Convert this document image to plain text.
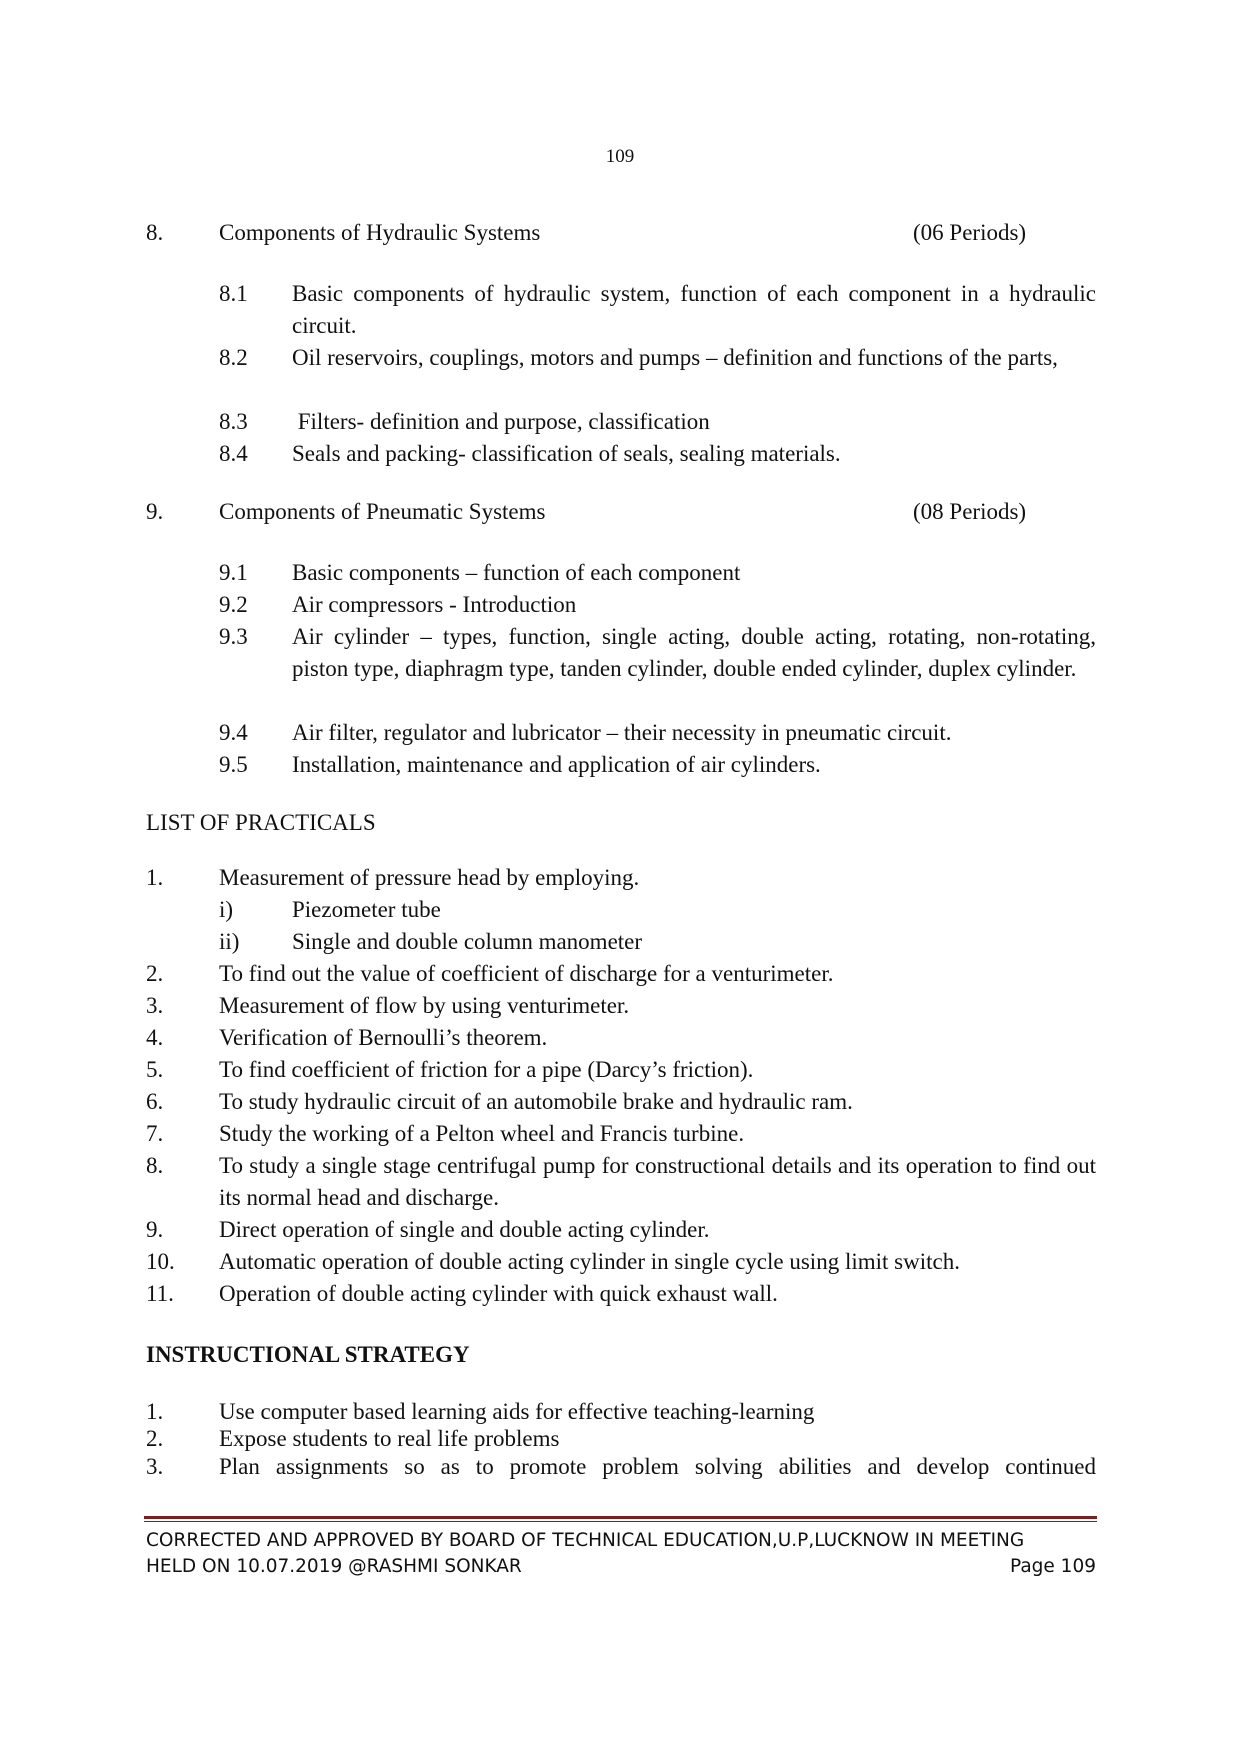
109
8. Components of Hydraulic Systems	(06 Periods)
8.1 Basic components of hydraulic system, function of each component in a hydraulic circuit.
8.2 Oil reservoirs, couplings, motors and pumps – definition and functions of the parts,
8.3 Filters- definition and purpose, classification
8.4 Seals and packing- classification of seals, sealing materials.
9. Components of Pneumatic Systems	(08 Periods)
9.1 Basic components – function of each component
9.2 Air compressors - Introduction
9.3 Air cylinder – types, function, single acting, double acting, rotating, non-rotating, piston type, diaphragm type, tanden cylinder, double ended cylinder, duplex cylinder.
9.4 Air filter, regulator and lubricator – their necessity in pneumatic circuit.
9.5 Installation, maintenance and application of air cylinders.
LIST OF PRACTICALS
1. Measurement of pressure head by employing.
i)	Piezometer tube
ii) Single and double column manometer
2. To find out the value of coefficient of discharge for a venturimeter.
3. Measurement of flow by using venturimeter.
4. Verification of Bernoulli’s theorem.
5. To find coefficient of friction for a pipe (Darcy’s friction).
6. To study hydraulic circuit of an automobile brake and hydraulic ram.
7. Study the working of a Pelton wheel and Francis turbine.
8. To study a single stage centrifugal pump for constructional details and its operation to find out its normal head and discharge.
9. Direct operation of single and double acting cylinder.
10. Automatic operation of double acting cylinder in single cycle using limit switch.
11. Operation of double acting cylinder with quick exhaust wall.
INSTRUCTIONAL STRATEGY
1. Use computer based learning aids for effective teaching-learning
2. Expose students to real life problems
3. Plan assignments so as to promote problem solving abilities and develop continued
CORRECTED AND APPROVED BY BOARD OF TECHNICAL EDUCATION,U.P,LUCKNOW IN MEETING
HELD ON 10.07.2019 @RASHMI SONKAR	Page 109
